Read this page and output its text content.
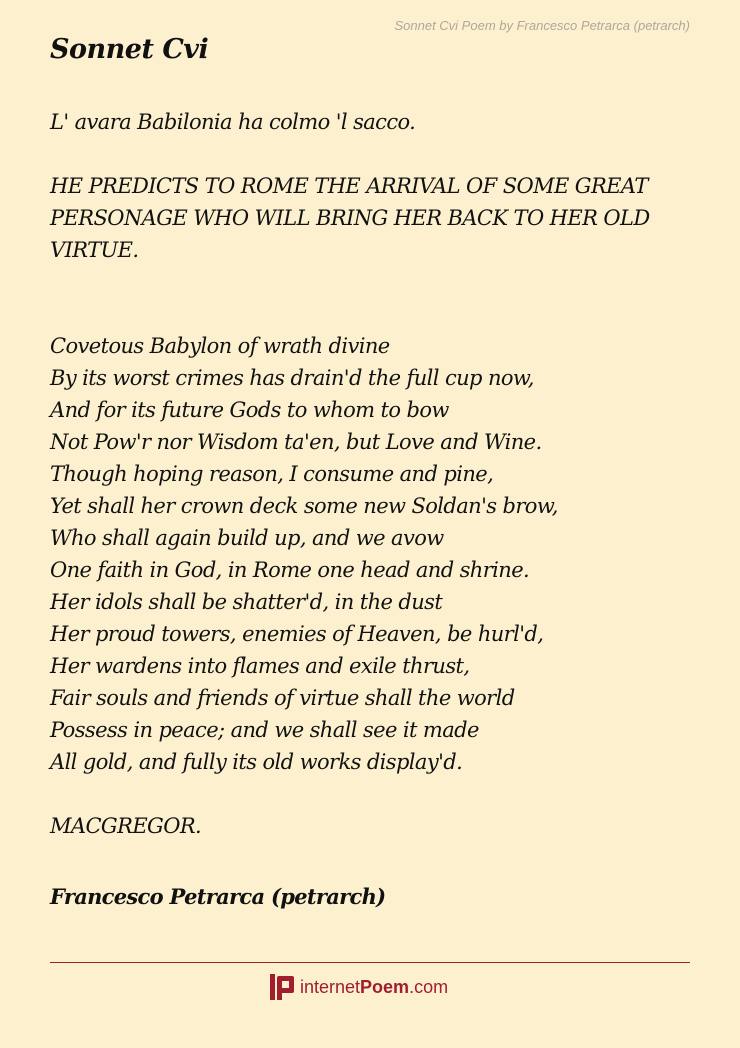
Sonnet Cvi Poem by Francesco Petrarca (petrarch)
Sonnet Cvi
L' avara Babilonia ha colmo 'l sacco.
HE PREDICTS TO ROME THE ARRIVAL OF SOME GREAT PERSONAGE WHO WILL BRING HER BACK TO HER OLD VIRTUE.
Covetous Babylon of wrath divine
By its worst crimes has drain'd the full cup now,
And for its future Gods to whom to bow
Not Pow'r nor Wisdom ta'en, but Love and Wine.
Though hoping reason, I consume and pine,
Yet shall her crown deck some new Soldan's brow,
Who shall again build up, and we avow
One faith in God, in Rome one head and shrine.
Her idols shall be shatter'd, in the dust
Her proud towers, enemies of Heaven, be hurl'd,
Her wardens into flames and exile thrust,
Fair souls and friends of virtue shall the world
Possess in peace; and we shall see it made
All gold, and fully its old works display'd.
MACGREGOR.
Francesco Petrarca (petrarch)
internet Poem .com
